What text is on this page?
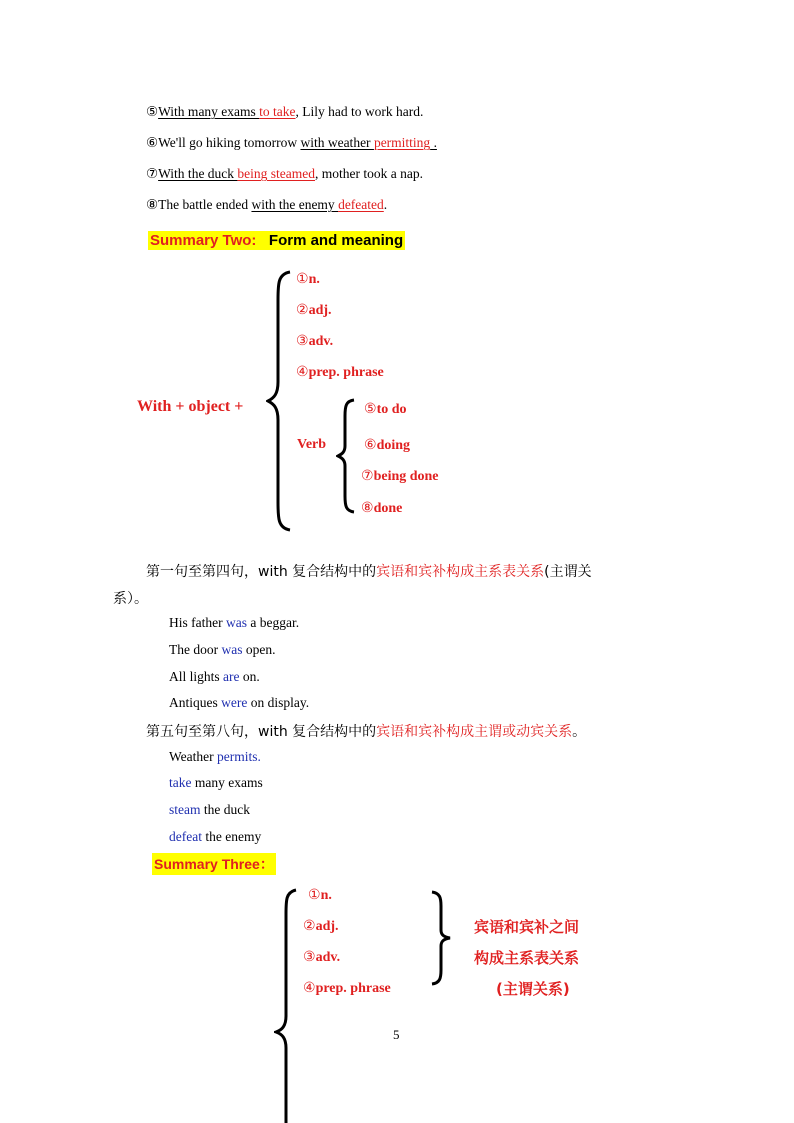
⑤With many exams to take, Lily had to work hard.
⑥We'll go hiking tomorrow with weather permitting .
⑦With the duck being steamed, mother took a nap.
⑧The battle ended with the enemy defeated.
Summary Two: Form and meaning
With + object +
①n.
②adj.
③adv.
④prep. phrase
Verb
⑤to do
⑥doing
⑦being done
⑧done
第一句至第四句，with 复合结构中的宾语和宾补构成主系表关系(主谓关
系）。
His father was a beggar.
The door was open.
All lights are on.
Antiques were on display.
第五句至第八句，with 复合结构中的宾语和宾补构成主谓或动宾关系。
Weather permits.
take many exams
steam the duck
defeat the enemy
Summary Three：
①n.
②adj.
③adv.
④prep. phrase
宾语和宾补之间
构成主系表关系
(主谓关系)
5
